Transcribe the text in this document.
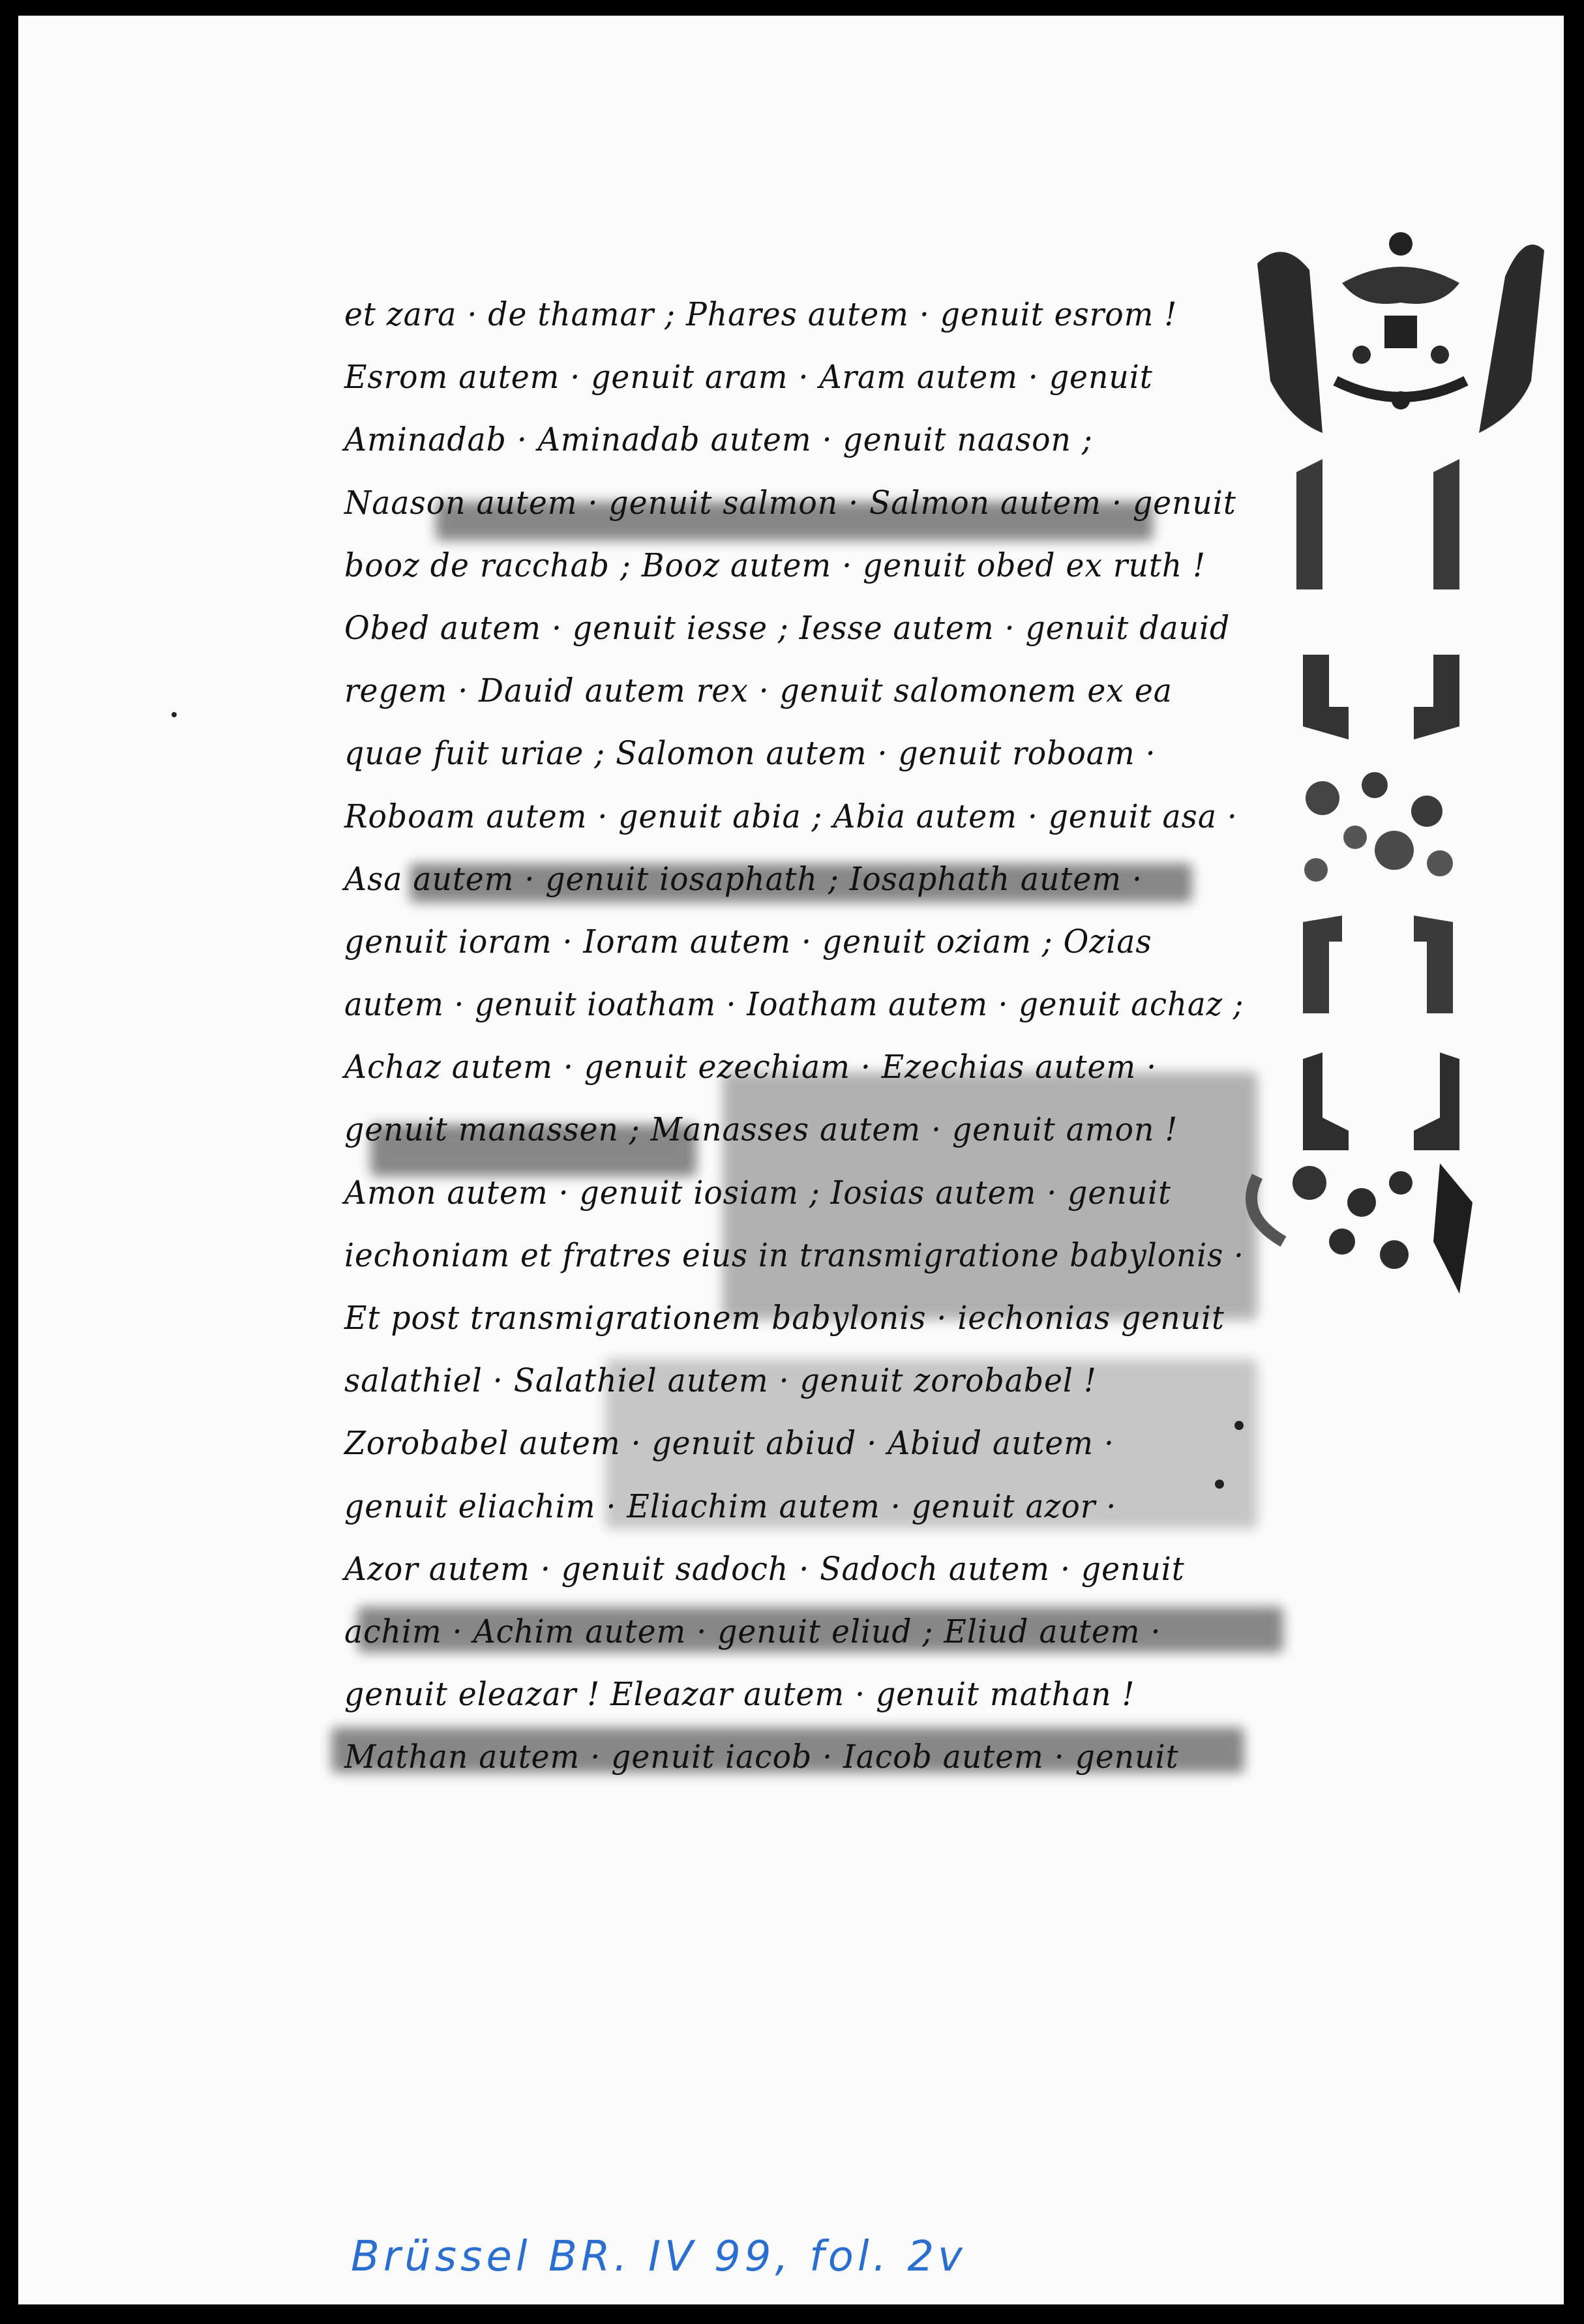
et zara · de thamar ; Phares autem · genuit esrom !
Esrom autem · genuit aram · Aram autem · genuit
Aminadab · Aminadab autem · genuit naason ;
Naason autem · genuit salmon · Salmon autem · genuit
booz de racchab ; Booz autem · genuit obed ex ruth !
Obed autem · genuit iesse ; Iesse autem · genuit dauid
regem · Dauid autem rex · genuit salomonem ex ea
quae fuit uriae ; Salomon autem · genuit roboam ·
Roboam autem · genuit abia ; Abia autem · genuit asa ·
Asa autem · genuit iosaphath ; Iosaphath autem ·
genuit ioram · Ioram autem · genuit oziam ; Ozias
autem · genuit ioatham · Ioatham autem · genuit achaz ;
Achaz autem · genuit ezechiam · Ezechias autem ·
genuit manassen ; Manasses autem · genuit amon !
Amon autem · genuit iosiam ; Iosias autem · genuit
iechoniam et fratres eius in transmigratione babylonis ·
Et post transmigrationem babylonis · iechonias genuit
salathiel · Salathiel autem · genuit zorobabel !
Zorobabel autem · genuit abiud · Abiud autem ·
genuit eliachim · Eliachim autem · genuit azor ·
Azor autem · genuit sadoch · Sadoch autem · genuit
achim · Achim autem · genuit eliud ; Eliud autem ·
genuit eleazar ! Eleazar autem · genuit mathan !
Mathan autem · genuit iacob · Iacob autem · genuit
Brüssel BR. IV 99, fol. 2v
